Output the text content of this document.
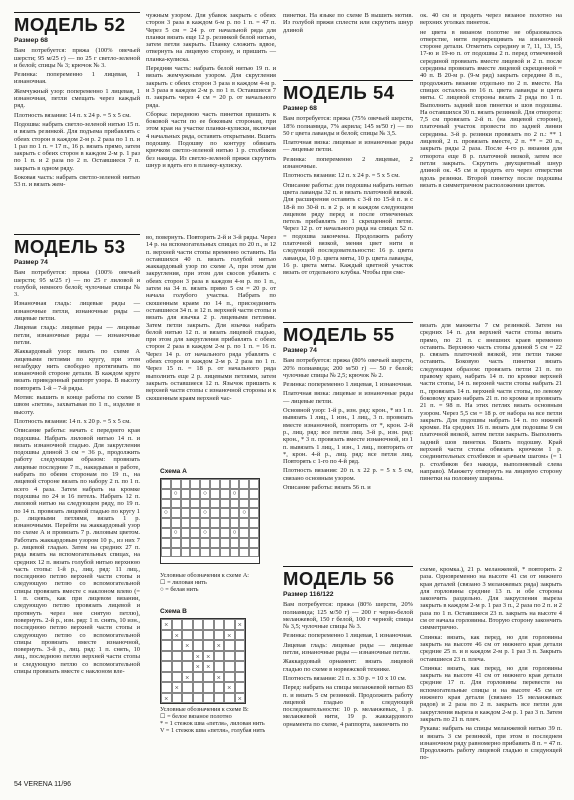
МОДЕЛЬ 52
Размер 68

Вам потребуется: пряжа (100% овечьей шерсти; 95 м/25 г) — по 25 г светло-зеленой и белой; спицы № 3; крючок № 3.

Резинка: попеременно 1 лицевая, 1 изнаночная.

Жемчужный узор: попеременно 1 лицевая, 1 изнаночная, петли смещать через каждый ряд.

Плотность вязания: 14 п. х 24 р. = 5 х 5 см.

Подошва: набрать светло-зеленой нитью 15 п. и вязать резинкой. Для подъема прибавлять с обеих сторон в каждом 2-м р. 2 раза по 1 п. и 1 раз по 1 п. = 17 п., 16 р. вязать прямо, затем закрыть с обеих сторон в каждом 2-м р. 1 раз по 1 п. и 2 раза по 2 п. Оставшиеся 7 п. закрыть в одном ряду.

Боковая часть: набрать светло-зеленой нитью 53 п. и вязать жем-

чужным узором. Для убавок закрыть с обеих сторон 3 раза в каждом 6-м р. по 1 п. = 47 п. Через 5 см = 24 р. от начальной ряда для планки вязать еще 12 р. резинкой белой нитью, затем петли закрыть. Планку сложить вдвое, отвернуть на лицевую сторону, и пришить — планка-кулиска.

Передняя часть: набрать белой нитью 19 п. и вязать жемчужным узором. Для скругления закрыть с обеих сторон 3 раза в каждом 4-м р. и 3 раза в каждом 2-м р. по 1 п. Оставшиеся 7 п. закрыть через 4 см = 20 р. от начального ряда.

Сборка: переднюю часть пинетки пришить к боковой части по ее боковым сторонам, при этом края на участке планки-кулиски, включая 4 начальных ряда, оставить открытыми. Вшить подошву. Подошву по контуру обвязать крючком светло-зеленой нитью 1 р. столбиков без накида. Из светло-зеленой пряжи скрутить шнур и вдеть его в планку-кулиску.

пинетки. На языке по схеме В вышить мотив. Из голубой пряжи сплести или скрутить шнур длиной

МОДЕЛЬ 54
Размер 68

Вам потребуется: пряжа (75% овечьей шерсти, 18% полиамида, 7% акрила; 145 м/50 г) — по 50 г цвета лаванды и белой; спицы № 3,5.

Платочная вязка: лицевые и изнаночные ряды — лицевые петли.

Резинка: попеременно 2 лицевые, 2 изнаночные.

Плотность вязания: 12 п. х 24 р. = 5 х 5 см.

Описание работы: для подошвы набрать нитью цвета лаванды 32 п. и вязать платочной вязкой. Для расширения оставить с 3-й по 15-й п. и с 18-й по 30-й п. в 2 р. и в каждом следующем лицевом ряду перед и после отмеченных петель прибавлять по 1 скрещенной петле. Через 12 р. от начального ряда на спицах 52 п. = подошва закончена. Продолжить работу платочной вязкой, меняя цвет нити в следующей последовательности: 16 р. цвета лаванды, 10 р. цвета мяты, 10 р. цвета лаванды, 16 р. цвета мяты. Каждый цветной участок вязать от отдельного клубка. Чтобы при сме-

ок. 40 см и продеть через вязаное полотно на верхних уголках пинеток.

не цвета в вязаном полотне не образовалось отверстие, нити перекрещивать на изнаночной стороне детали. Отметить середину и 7, 11, 13, 15, 17-ю и 19-ю п. от подошвы 2 п. перед отмеченной серединой провязать вместе лицевой и 2 п. после середины провязать вместе лицевой скрещенной = 40 п. В 20-м р. (9-м ряд) закрыть середине 8 п., продолжить вязание отдельно по 2 п. вместе. На спицах осталось по 16 п. цвета лаванды и цвета мяты. С лицевой стороны вязать 2 ряда по 1 п. Выполнить задний шов пинетки и шов подошвы. На оставшихся 30 п. вязать резинкой. Для отворота: 7,5 см провязать 2-й п. (на лицевой стороне), платочный участок провести по задней линии середины. 3-й р. резинки провязать по 2 п.: ** 1 лицевой, 2 п. провязать вместе, 2 п. ** = 20 п., закрыть ряды 2 раза. После 4-го р. вязания для отворота еще 8 р. платочной вязкой, затем все петли закрыть. Скрутить двухцветный шнур длиной ок. 45 см и продеть его через отверстия вдоль резинки. Второй пинетку после подошвы вязать в симметричном расположении цветов.

МОДЕЛЬ 53
Размер 74

Вам потребуется: пряжа (100% овечьей шерсти; 95 м/25 г) — по 25 г лиловой и голубой, немного белой; чулочные спицы № 3.

Изнаночная гладь: лицевые ряды — изнаночные петли, изнаночные ряды — лицевые петли.

Лицевая гладь: лицевые ряды — лицевые петли, изнаночные ряды — изнаночные петли.

Жаккардовый узор: вязать по схеме А лицевыми петлями по кругу, при этом незабудку нить свободно протягивать по изнаночной стороне детали. В каждом круге вязать приведенный раппорт узора. В высоту повторять 1-й – 7-й ряды.

Мотив: вышить в конце работы по схеме В швом «петля», захватывая по 1 п., изделие в высоту.

Плотность вязания: 14 п. х 20 р. = 5 х 5 см.

Описание работы: начать с переднего края подошвы. Набрать лиловой нитью 14 п. и вязать изнаночной гладью. Для закругления подошвы длиной 3 см = 36 р., продолжить работу следующим образом: провязать лицевые последние 7 п., накидывая в работе, набрать по обеим сторонам по 19 п., на лицевой стороне вязать по набору 2 п. по 1 п. всего 4 раза. Затем набрать на кромке подошвы по 24 и 16 петель. Набрать 12 п. лиловой нитью на следующем ряду, по 19 п. по 14 п. провязать лицевой гладью по кругу 1 р. лицевыми петлями, вязать 1 р. изнаночными. Перейти на жаккардовый узор по схеме А и провязать 7 р. лиловым цветом. Работать жаккардовым узором 10 р., из них 7 р. лицевой гладью. Затем на средних 27 п. ряда вязать на вспомогательных спицах, на средних 12 п. вязать голубой нитью верхнюю часть стопы: 1-й р., лиц. ряд: 11 лиц., последнюю петлю верхней части стопы и следующую петлю со вспомогательной спицы провязать вместе с наклоном влево (= 1 п. снять, как при лицевом вязании, следующую петлю провязать лицевой и протянуть через нее снятую петлю), повернуть. 2-й р., изн. ряд: 1 п. снять, 10 изн., последнюю петлю верхней части стопы и следующую петлю со вспомогательной спицы провязать вместе изнаночной, повернуть. 3-й р., лиц. ряд: 1 п. снять, 10 лиц., последнюю петлю верхней части стопы и следующую петлю со вспомогательной спицы провязать вместе с наклоном вле-

во, повернуть. Повторить 2-й и 3-й ряды. Через 14 р. на вспомогательных спицах по 20 п., и 12 п. верхней части стопы временно оставить. На оставшихся 40 п. вязать голубой нитью жаккардовый узор по схеме А, при этом для закругления, при этом для скосов убавить с обеих сторон 3 раза в каждом 4-м р. по 1 п., затем на 34 п. вязать прямо 5 см = 20 р. от начала голубого участка. Набрать по скошенным краям по 14 п., присоединить оставшиеся 34 п. и 12 п. верхней части стопы и вязать для язычка 2 р. лицевыми петлями. Затем петли закрыть. Для язычка набрать белой нитью 12 п. и вязать лицевой гладью, при этом для закругления прибавлять с обеих сторон 2 раза в каждом 2-м р. по 1 п. = 16 п. Через 14 р. от начального ряда убавлять с обеих сторон в каждом 2-м р. 2 раза по 1 п. Через 15 п. = 18 р. от начального ряда выполнить еще 2 р. лицевыми петлями, затем закрыть оставшиеся 12 п. Язычок пришить к верхней части стопы с изнаночной стороны и к скошенным краям верхней час-

Схема А
○	○	○
○	○	○
○	○	○
Условные обозначения к схеме А:
☐ = лиловая нить
○ = белая нить
Схема В
×	×
×	×
×	×
× ×
× ×
×	×
×	×
×	×
Условные обозначения к схеме В:
☐ = белое вязаное полотно
* = 1 стежок шва «петля», лиловая нить
V = 1 стежок шва «петля», голубая нить
МОДЕЛЬ 55
Размер 74

Вам потребуется: пряжа (80% овечьей шерсти, 20% полиамида; 200 м/50 г) — 50 г белой; чулочные спицы № 2,5; крючок № 2.

Резинка: попеременно 1 лицевая, 1 изнаночная.

Платочная вязка: лицевые и изнаночные ряды — лицевые петли.

Основной узор: 1-й р., изн. ряд: крон., * из 1 п. вывязать 1 лиц., 1 изн., 1 лиц., 3 п. провязать вместе изнаночной, повторить от *, крон. 2-й р., лиц. ряд: все петли лиц. 3-й р., изн. ряд: крон., * 3 п. провязать вместе изнаночной, из 1 п. вывязать 1 лиц., 1 изн., 1 лиц., повторить от *, крон. 4-й р., лиц. ряд: все петли лиц. Повторять с 1-го по 4-й ряд.

Плотность вязания: 20 п. х 22 р. = 5 х 5 см, связано основным узором.

Описание работы: вязать 56 п. и

вязать для манжеты 7 см резинкой. Затем на средних 14 п. для верхней части стопы вязать прямо, по 21 п. с внешних краев временно оставить. Верхнюю часть стопы длиной 5 см = 22 р. связать платочной вязкой, эти петли также оставить. Боковую часть пинетки вязать следующим образом: провязать петли 21 п. по правому краю, набрать 14 п. по кромке верхней части стопы, 14 п. верхней части стопы набрать 21 п., провязать 14 п. верхней части стопы, по левому боковому краю набрать 21 п. по кромке и провязать 21 п. = 98 п. На этих петлях вязать основным узором. Через 5,5 см = 18 р. от набора на все петли закрыть. Для подошвы набрать 14 п. по нижней кромке. На средних 16 п. вязать для подошвы 9 см платочной вязкой, затем петли закрыть. Выполнить задний шов пинетки. Вшить подошву. Край верхней части стопы обвязать крючком 1 р. соединительных столбиков и «рачьим шагом» (= 1 р. столбиков без накида, выполняемый слева направо). Манжету отвернуть на лицевую сторону пинетки на половину ширины.

МОДЕЛЬ 56
Размер 116/122

Вам потребуется: пряжа (80% шерсти, 20% полиамида; 125 м/50 г) — 200 г черно-белой меланжевой, 150 г белой, 100 г черной; спицы № 3,5; чулочные спицы № 3.

Резинка: попеременно 1 лицевая, 1 изнаночная.

Лицевая гладь: лицевые ряды — лицевые петли, изнаночные ряды — изнаночные петли.

Жаккардовый орнамент: вязать лицевой гладью по схеме в норвежской технике.

Плотность вязания: 21 п. х 30 р. = 10 х 10 см.

Перед: набрать на спицы меланжевой нитью 83 п. и вязать 5 см резинкой. Продолжить работу лицевой гладью в следующей последовательности: 10 р. меланжевых, 1 р. меланжевой нити, 19 р. жаккардового орнамента по схеме, 4 раппорта, закончить по

схеме, кромка.), 21 р. меланжевой, * повторить 2 раза. Одновременно на высоте 41 см от нижнего края деталей (связано 3 меланжевых ряда) закрыть для горловины средние 13 п. и обе стороны закончить раздельно. Для закругления выреза закрыть в каждом 2-м р. 1 раз 3 п., 2 раза по 2 п. и 2 раза по 1 п. Оставшиеся 23 п. закрыть на высоте 4 см от начала горловины. Вторую сторону закончить симметрично.

Спинка: вязать, как перед, но для горловины закрыть на высоте 46 см от нижнего края детали средние 25 п. и в каждом 2-м р. 1 раз 3 п. Закрыть оставшиеся 23 п. плеча.

Спинка: вязать, как перед, но для горловины закрыть на высоте 41 см от нижнего края детали средние 17 п. Для горловины перевести на вспомогательные спицы и на высоте 45 см от нижнего края детали (связано 15 меланжевых рядов) и 2 раза по 2 п. закрыть все петли для закругления выреза в каждом 2-м р. 1 раз 3 п. Затем закрыть по 21 п. плеч.

Рукава: набрать на спицы меланжевой нитью 39 п. и вязать 3 см резинкой, при этом в последнем изнаночном ряду равномерно прибавить 8 п. = 47 п. Продолжить работу лицевой гладью в следующей по-

54 VERENA 11/96
